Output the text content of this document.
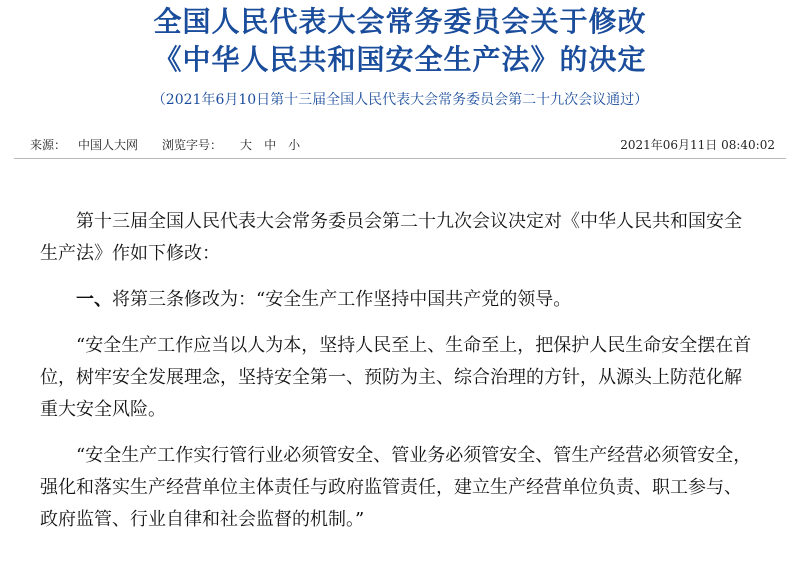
全国人民代表大会常务委员会关于修改
《中华人民共和国安全生产法》的决定
（2021年6月10日第十三届全国人民代表大会常务委员会第二十九次会议通过）
来源： 中国人大网 浏览字号： 大 中 小	2021年06月11日 08:40:02

第十三届全国人民代表大会常务委员会第二十九次会议决定对《中华人民共和国安全生产法》作如下修改：

一、将第三条修改为：“安全生产工作坚持中国共产党的领导。

“安全生产工作应当以人为本，坚持人民至上、生命至上，把保护人民生命安全摆在首位，树牢安全发展理念，坚持安全第一、预防为主、综合治理的方针，从源头上防范化解重大安全风险。

“安全生产工作实行管行业必须管安全、管业务必须管安全、管生产经营必须管安全，强化和落实生产经营单位主体责任与政府监管责任，建立生产经营单位负责、职工参与、政府监管、行业自律和社会监督的机制。”
